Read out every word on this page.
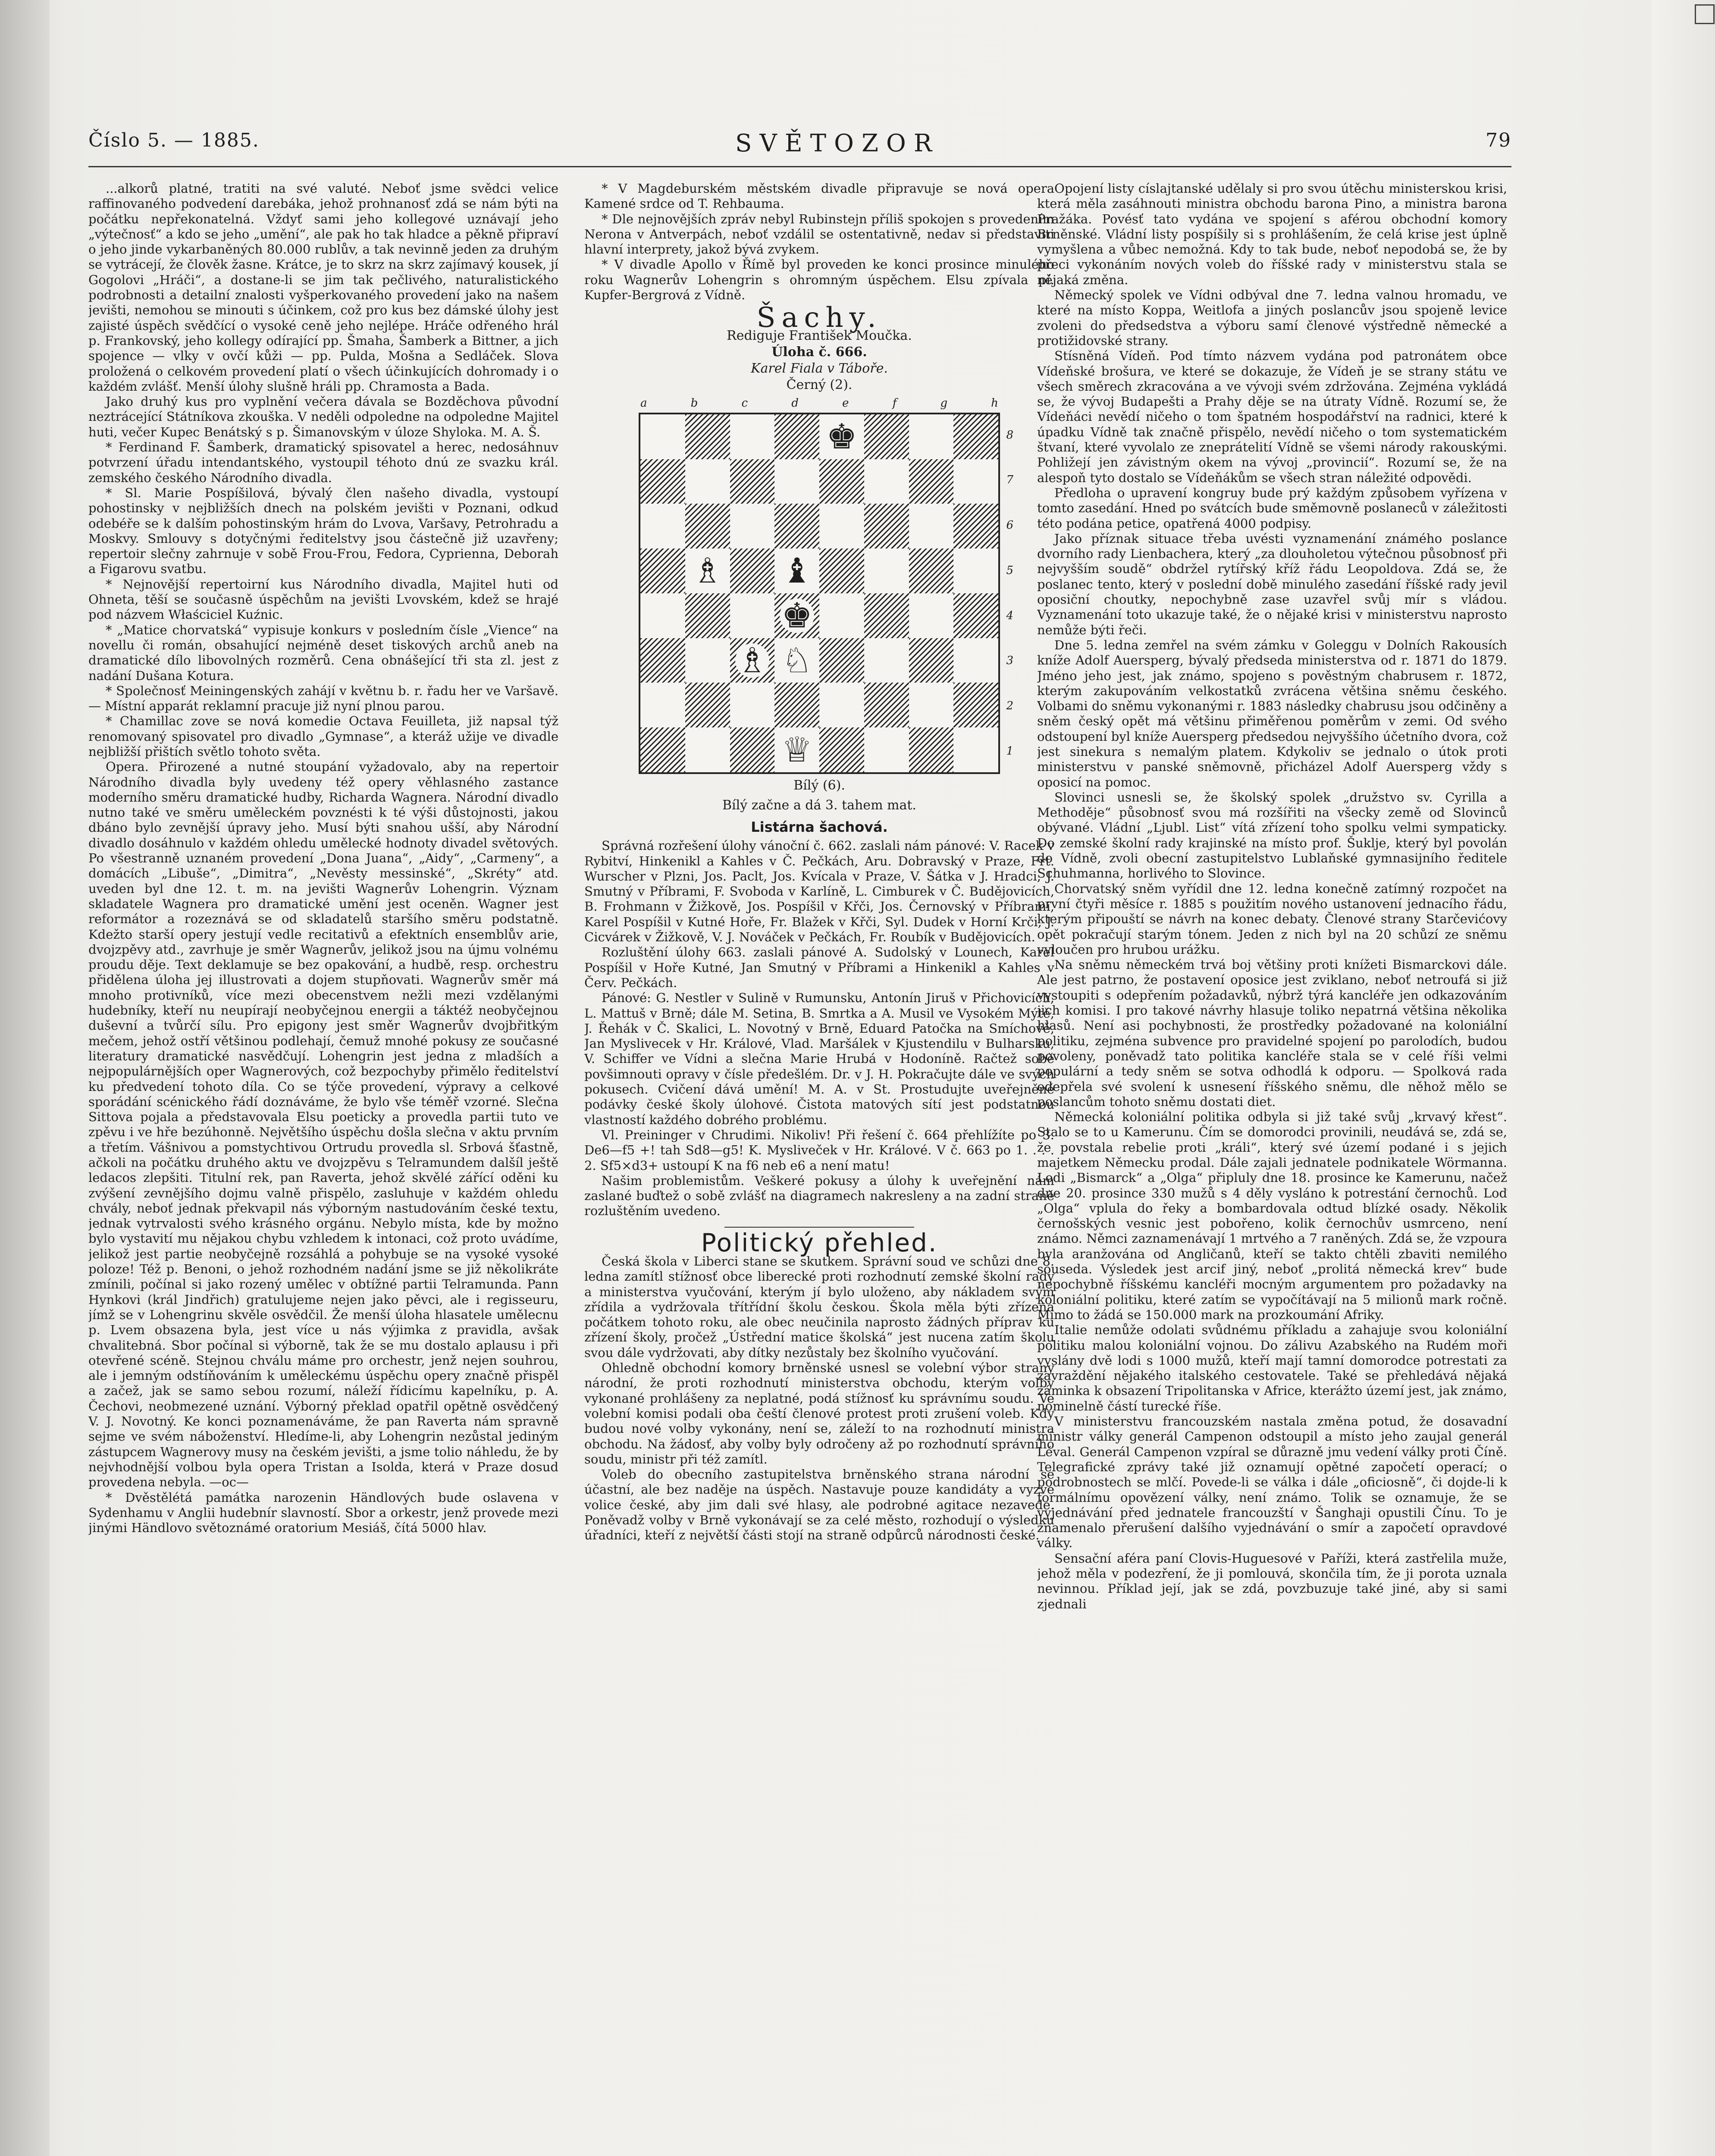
Číslo 5. — 1885.	SVĚTOZOR	79

...alkorů platné, tratiti na své valuté. Neboť jsme svědci velice raffinovaného podvedení darebáka, jehož prohnanosť zdá se nám býti na počátku nepřekonatelná. Vždyť sami jeho kollegové uznávají jeho „výtečnosť“ a kdo se jeho „umění“, ale pak ho tak hladce a pěkně připraví o jeho jinde vykarbaněných 80.000 rublův, a tak nevinně jeden za druhým se vytrácejí, že člověk žasne. Krátce, je to skrz na skrz zajímavý kousek, jí Gogolovi „Hráči“, a dostane-li se jim tak pečlivého, naturalistického podrobnosti a detailní znalosti vyšperkovaného provedení jako na našem jevišti, nemohou se minouti s účinkem, což pro kus bez dámské úlohy jest zajisté úspěch svědčící o vysoké ceně jeho nejlépe. Hráče odřeného hrál p. Frankovský, jeho kollegy odírající pp. Šmaha, Šamberk a Bittner, a jich spojence — vlky v ovčí kůži — pp. Pulda, Mošna a Sedláček. Slova proložená o celkovém provedení platí o všech účinkujících dohromady i o každém zvlášť. Menší úlohy slušně hráli pp. Chramosta a Bada.

Jako druhý kus pro vyplnění večera dávala se Bozděchova původní neztrácející Státníkova zkouška. V neděli odpoledne na odpoledne Majitel huti, večer Kupec Benátský s p. Šimanovským v úloze Shyloka. M. A. Š.

* Ferdinand F. Šamberk, dramatický spisovatel a herec, nedosáhnuv potvrzení úřadu intendantského, vystoupil téhoto dnú ze svazku král. zemského českého Národního divadla.

* Sl. Marie Pospíšilová, bývalý člen našeho divadla, vystoupí pohostinsky v nejbližších dnech na polském jevišti v Poznani, odkud odebéře se k dalším pohostinským hrám do Lvova, Varšavy, Petrohradu a Moskvy. Smlouvy s dotyčnými ředitelstvy jsou částečně již uzavřeny; repertoir slečny zahrnuje v sobě Frou-Frou, Fedora, Cyprienna, Deborah a Figarovu svatbu.

* Nejnovější repertoirní kus Národního divadla, Majitel huti od Ohneta, těší se současně úspěchům na jevišti Lvovském, kdež se hrajé pod názvem Właściciel Kuźnic.

* „Matice chorvatská“ vypisuje konkurs v posledním čísle „Vience“ na novellu či román, obsahující nejméně deset tiskových archů aneb na dramatické dílo libovolných rozměrů. Cena obnášející tři sta zl. jest z nadání Dušana Kotura.

* Společnosť Meiningenských zahájí v květnu b. r. řadu her ve Varšavě. — Místní apparát reklamní pracuje již nyní plnou parou.

* Chamillac zove se nová komedie Octava Feuilleta, již napsal týž renomovaný spisovatel pro divadlo „Gymnase“, a kteráž užije ve divadle nejbližší přištích světlo tohoto světa.

Opera. Přirozené a nutné stoupání vyžadovalo, aby na repertoir Národního divadla byly uvedeny též opery věhlasného zastance moderního směru dramatické hudby, Richarda Wagnera. Národní divadlo nutno také ve směru uměleckém povznésti k té výši důstojnosti, jakou dbáno bylo zevnější úpravy jeho. Musí býti snahou ušší, aby Národní divadlo dosáhnulo v každém ohledu umělecké hodnoty divadel světových. Po všestranně uznaném provedení „Dona Juana“, „Aidy“, „Carmeny“, a domácích „Libuše“, „Dimitra“, „Nevěsty messinské“, „Skréty“ atd. uveden byl dne 12. t. m. na jevišti Wagnerův Lohengrin. Význam skladatele Wagnera pro dramatické umění jest oceněn. Wagner jest reformátor a rozeznává se od skladatelů staršího směru podstatně. Kdežto starší opery jestují vedle recitativů a efektních ensemblův arie, dvojzpěvy atd., zavrhuje je směr Wagnerův, jelikož jsou na újmu volnému proudu děje. Text deklamuje se bez opakování, a hudbě, resp. orchestru přidělena úloha jej illustrovati a dojem stupňovati. Wagnerův směr má mnoho protivníků, více mezi obecenstvem nežli mezi vzdělanými hudebníky, kteří nu neupírají neobyčejnou energii a táktéž neobyčejnou duševní a tvůrčí sílu. Pro epigony jest směr Wagnerův dvojbřitkým mečem, jehož ostří většinou podlehají, čemuž mnohé pokusy ze současné literatury dramatické nasvědčují. Lohengrin jest jedna z mladších a nejpopulárnějších oper Wagnerových, což bezpochyby přimělo ředitelství ku předvedení tohoto díla. Co se týče provedení, výpravy a celkové sporádání scénického řádí doznáváme, že bylo vše téměř vzorné. Slečna Sittova pojala a představovala Elsu poeticky a provedla partii tuto ve zpěvu i ve hře bezúhonně. Největšího úspěchu došla slečna v aktu prvním a třetím. Vášnivou a pomstychtivou Ortrudu provedla sl. Srbová šťastně, ačkoli na počátku druhého aktu ve dvojzpěvu s Telramundem dalšíl ještě ledacos zlepšiti. Titulní rek, pan Raverta, jehož skvělé zářící oděni ku zvýšení zevnějšího dojmu valně přispělo, zasluhuje v každém ohledu chvály, neboť jednak překvapil nás výborným nastudováním české textu, jednak vytrvalosti svého krásného orgánu. Nebylo místa, kde by možno bylo vystavití mu nějakou chybu vzhledem k intonaci, což proto uvádíme, jelikož jest partie neobyčejně rozsáhlá a pohybuje se na vysoké vysoké poloze! Též p. Benoni, o jehož rozhodném nadání jsme se již několikráte zmínili, počínal si jako rozený umělec v obtížné partii Telramunda. Pann Hynkovi (král Jindřich) gratulujeme nejen jako pěvci, ale i regisseuru, jímž se v Lohengrinu skvěle osvědčil. Že menší úloha hlasatele umělecnu p. Lvem obsazena byla, jest více u nás výjimka z pravidla, avšak chvalitebná. Sbor počínal si výborně, tak že se mu dostalo aplausu i při otevřené scéně. Stejnou chválu máme pro orchestr, jenž nejen souhrou, ale i jemným odstíňováním k uměleckému úspěchu opery značně přispěl a začež, jak se samo sebou rozumí, náleží řídicímu kapelníku, p. A. Čechovi, neobmezené uznání. Výborný překlad opatřil opětně osvědčený V. J. Novotný. Ke konci poznamenáváme, že pan Raverta nám spravně sejme ve svém náboženství. Hledíme-li, aby Lohengrin nezůstal jediným zástupcem Wagnerovy musy na českém jevišti, a jsme tolio náhledu, že by nejvhodnější volbou byla opera Tristan a Isolda, která v Praze dosud provedena nebyla. —oc—

* Dvěstělétá památka narozenin Händlových bude oslavena v Sydenhamu v Anglii hudebnír slavností. Sbor a orkestr, jenž provede mezi jinými Händlovo světoznámé oratorium Mesiáš, čítá 5000 hlav.

* V Magdeburském městském divadle připravuje se nová opera Kamené srdce od T. Rehbauma.

* Dle nejnovějších zpráv nebyl Rubinstejn příliš spokojen s provedením Nerona v Antverpách, neboť vzdálil se ostentativně, nedav si představiti hlavní interprety, jakož bývá zvykem.

* V divadle Apollo v Římě byl proveden ke konci prosince minulého roku Wagnerův Lohengrin s ohromným úspěchem. Elsu zpívala pí. Kupfer-Bergrová z Vídně.

Šachy.
Rediguje František Moučka.
Úloha č. 666.
Karel Fiala v Táboře.
Černý (2).
a	b	c	d	e	f	g	h
♚
♗ ♝
♚
♗ ♘
♕
8
7
6
5
4
3
2
1
Bílý (6).
Bílý začne a dá 3. tahem mat.
Listárna šachová.

Správná rozřešení úlohy vánoční č. 662. zaslali nám pánové: V. Racek v Rybitví, Hinkenikl a Kahles v Č. Pečkách, Aru. Dobravský v Praze, Frt. Wurscher v Plzni, Jos. Paclt, Jos. Kvícala v Praze, V. Šátka v J. Hradci, J. Smutný v Příbrami, F. Svoboda v Karlíně, L. Cimburek v Č. Budějovicích, B. Frohmann v Žižkově, Jos. Pospíšil v Křči, Jos. Černovský v Příbrami, Karel Pospíšil v Kutné Hoře, Fr. Blažek v Křči, Syl. Dudek v Horní Krči, J. Cicvárek v Žižkově, V. J. Nováček v Pečkách, Fr. Roubík v Budějovicích.

Rozluštění úlohy 663. zaslali pánové A. Sudolský v Lounech, Karel Pospíšil v Hoře Kutné, Jan Smutný v Příbrami a Hinkenikl a Kahles v Červ. Pečkách.

Pánové: G. Nestler v Sulině v Rumunsku, Antonín Jiruš v Přichovicích, L. Mattuš v Brně; dále M. Setina, B. Smrtka a A. Musil ve Vysokém Mýtě, J. Řehák v Č. Skalici, L. Novotný v Brně, Eduard Patočka na Smíchově, Jan Myslivecek v Hr. Králové, Vlad. Maršálek v Kjustendilu v Bulharsku, V. Schiffer ve Vídni a slečna Marie Hrubá v Hodoníně. Račtež sobě povšimnouti opravy v čísle předešlém. Dr. v J. H. Pokračujte dále ve svých pokusech. Cvičení dává umění! M. A. v St. Prostudujte uveřejněné podávky české školy úlohové. Čistota matových sítí jest podstatnou vlastností každého dobrého problému.

Vl. Preininger v Chrudimi. Nikoliv! Při řešení č. 664 přehlížíte po 3. De6—f5 +! tah Sd8—g5! K. Mysliveček v Hr. Králové. V č. 663 po 1. . . . 2. Sf5×d3+ ustoupí K na f6 neb e6 a není matu!

Našim problemistům. Veškeré pokusy a úlohy k uveřejnění nám zaslané buďtež o sobě zvlášť na diagramech nakresleny a na zadní straně rozluštěním uvedeno.

Politický přehled.

Česká škola v Liberci stane se skutkem. Správní soud ve schůzi dne 8. ledna zamítl stížnosť obce liberecké proti rozhodnutí zemské školní rady a ministerstva vyučování, kterým jí bylo uloženo, aby nákladem svým zřídila a vydržovala třítřídní školu českou. Škola měla býti zřízena počátkem tohoto roku, ale obec neučinila naprosto žádných příprav ku zřízení školy, pročež „Ústřední matice školská“ jest nucena zatím školu svou dále vydržovati, aby dítky nezůstaly bez školního vyučování.

Ohledně obchodní komory brněnské usnesl se volební výbor strany národní, že proti rozhodnutí ministerstva obchodu, kterým volby vykonané prohlášeny za neplatné, podá stížnosť ku správnímu soudu. Ve volební komisi podali oba čeští členové protest proti zrušení voleb. Kdy budou nové volby vykonány, není se, záleží to na rozhodnutí ministra obchodu. Na žádosť, aby volby byly odročeny až po rozhodnutí správního soudu, ministr při též zamítl.

Voleb do obecního zastupitelstva brněnského strana národní se účastní, ale bez naděje na úspěch. Nastavuje pouze kandidáty a vyzve volice české, aby jim dali své hlasy, ale podrobné agitace nezavede. Poněvadž volby v Brně vykonávají se za celé město, rozhodují o výsledku úřadníci, kteří z největší části stojí na straně odpůrců národnosti české.

Opojení listy císlajtanské udělaly si pro svou útěchu ministerskou krisi, která měla zasáhnouti ministra obchodu barona Pino, a ministra barona Pražáka. Povésť tato vydána ve spojení s aférou obchodní komory Brněnské. Vládní listy pospíšily si s prohlášením, že celá krise jest úplně vymyšlena a vůbec nemožná. Kdy to tak bude, neboť nepodobá se, že by přeci vykonáním nových voleb do říšské rady v ministerstvu stala se nějaká změna.

Německý spolek ve Vídni odbýval dne 7. ledna valnou hromadu, ve které na místo Koppa, Weitlofa a jiných poslancův jsou spojeně levice zvoleni do předsedstva a výboru samí členové výstředně německé a protižidovské strany.

Stísněná Vídeň. Pod tímto názvem vydána pod patronátem obce Vídeňské brošura, ve které se dokazuje, že Vídeň je se strany státu ve všech směrech zkracována a ve vývoji svém zdržována. Zejména vykládá se, že vývoj Budapešti a Prahy děje se na útraty Vídně. Rozumí se, že Vídeňáci nevědí ničeho o tom špatném hospodářství na radnici, které k úpadku Vídně tak značně přispělo, nevědí ničeho o tom systematickém štvaní, které vyvolalo ze zneprátelití Vídně se všemi národy rakouskými. Pohližejí jen závistným okem na vývoj „provincií“. Rozumí se, že na alespoň tyto dostalo se Vídeňákům se všech stran náležité odpovědi.

Předloha o upravení kongruy bude prý každým způsobem vyřízena v tomto zasedání. Hned po svátcích bude směmovně poslaneců v záležitosti této podána petice, opatřená 4000 podpisy.

Jako příznak situace třeba uvésti vyznamenání známého poslance dvorního rady Lienbachera, který „za dlouholetou výtečnou působnosť při nejvyšším soudě“ obdržel rytířský kříž řádu Leopoldova. Zdá se, že poslanec tento, který v poslední době minulého zasedání říšské rady jevil oposiční choutky, nepochybně zase uzavřel svůj mír s vládou. Vyznamenání toto ukazuje také, že o nějaké krisi v ministerstvu naprosto nemůže býti řeči.

Dne 5. ledna zemřel na svém zámku v Goleggu v Dolních Rakousích kníže Adolf Auersperg, bývalý předseda ministerstva od r. 1871 do 1879. Jméno jeho jest, jak známo, spojeno s pověstným chabrusem r. 1872, kterým zakupováním velkostatků zvrácena většina sněmu českého. Volbami do sněmu vykonanými r. 1883 následky chabrusu jsou odčiněny a sněm český opět má většinu přiměřenou poměrům v zemi. Od svého odstoupení byl kníže Auersperg předsedou nejvyššího účetního dvora, což jest sinekura s nemalým platem. Kdykoliv se jednalo o útok proti ministerstvu v panské sněmovně, přicházel Adolf Auersperg vždy s oposicí na pomoc.

Slovinci usnesli se, že školský spolek „družstvo sv. Cyrilla a Methoděje“ působnosť svou má rozšířiti na všecky země od Slovinců obývané. Vládní „Ljubl. List“ vítá zřízení toho spolku velmi sympaticky. Do zemské školní rady krajinské na místo prof. Šuklje, který byl povolán do Vídně, zvoli obecní zastupitelstvo Lublaňské gymnasijního ředitele Schuhmanna, horlivého to Slovince.

Chorvatský sněm vyřídil dne 12. ledna konečně zatímný rozpočet na první čtyři měsíce r. 1885 s použitím nového ustanovení jednacího řádu, kterým připouští se návrh na konec debaty. Členové strany Starčevićovy opět pokračují starým tónem. Jeden z nich byl na 20 schůzí ze sněmu vyloučen pro hrubou urážku.

Na sněmu německém trvá boj většiny proti knížeti Bismarckovi dále. Ale jest patrno, že postavení oposice jest zviklano, neboť netroufá si již vystoupiti s odepřením požadavků, nýbrž týrá kancléře jen odkazováním jich komisi. I pro takové návrhy hlasuje toliko nepatrná většina několika hlasů. Není asi pochybnosti, že prostředky požadované na koloniální politiku, zejména subvence pro pravidelné spojení po parolodích, budou povoleny, poněvadž tato politika kancléře stala se v celé říši velmi populární a tedy sněm se sotva odhodlá k odporu. — Spolková rada odepřela své svolení k usnesení říšského sněmu, dle něhož mělo se poslancům tohoto sněmu dostati diet.

Německá koloniální politika odbyla si již také svůj „krvavý křest“. Stalo se to u Kamerunu. Čím se domorodci provinili, neudává se, zdá se, že povstala rebelie proti „králi“, který své území podané i s jejich majetkem Německu prodal. Dále zajali jednatele podnikatele Wörmanna. Lodi „Bismarck“ a „Olga“ připluly dne 18. prosince ke Kamerunu, načež dne 20. prosince 330 mužů s 4 děly vysláno k potrestání černochů. Loď „Olga“ vplula do řeky a bombardovala odtud blízké osady. Několik černošských vesnic jest pobořeno, kolik černochův usmrceno, není známo. Němci zaznamenávají 1 mrtvého a 7 raněných. Zdá se, že vzpoura byla aranžována od Angličanů, kteří se takto chtěli zbaviti nemilého souseda. Výsledek jest arcif jiný, neboť „prolitá německá krev“ bude nepochybně říšskému kancléři mocným argumentem pro požadavky na koloniální politiku, které zatím se vypočítávají na 5 milionů mark ročně. Mimo to žádá se 150.000 mark na prozkoumání Afriky.

Italie nemůže odolati svůdnému příkladu a zahajuje svou koloniální politiku malou koloniální vojnou. Do zálivu Azabského na Rudém moři vyslány dvě lodi s 1000 mužů, kteří mají tamní domorodce potrestati za zavraždění nějakého italského cestovatele. Také se přehledává nějaká záminka k obsazení Tripolitanska v Africe, kterážto území jest, jak známo, nominelně částí turecké říše.

V ministerstvu francouzském nastala změna potud, že dosavadní ministr války generál Campenon odstoupil a místo jeho zaujal generál Léval. Generál Campenon vzpíral se důrazně jmu vedení války proti Číně. Telegrafické zprávy také již oznamují opětné započetí operací; o podrobnostech se mlčí. Povede-li se válka i dále „oficiosně“, či dojde-li k formálnímu opovězení války, není známo. Tolik se oznamuje, že se vyjednávání před jednatele francouzští v Šanghaji opustili Čínu. To je znamenalo přerušení dalšího vyjednávání o smír a započetí opravdové války.

Sensační aféra paní Clovis-Huguesové v Paříži, která zastřelila muže, jehož měla v podezření, že ji pomlouvá, skončila tím, že ji porota uznala nevinnou. Příklad její, jak se zdá, povzbuzuje také jiné, aby si sami zjednali
